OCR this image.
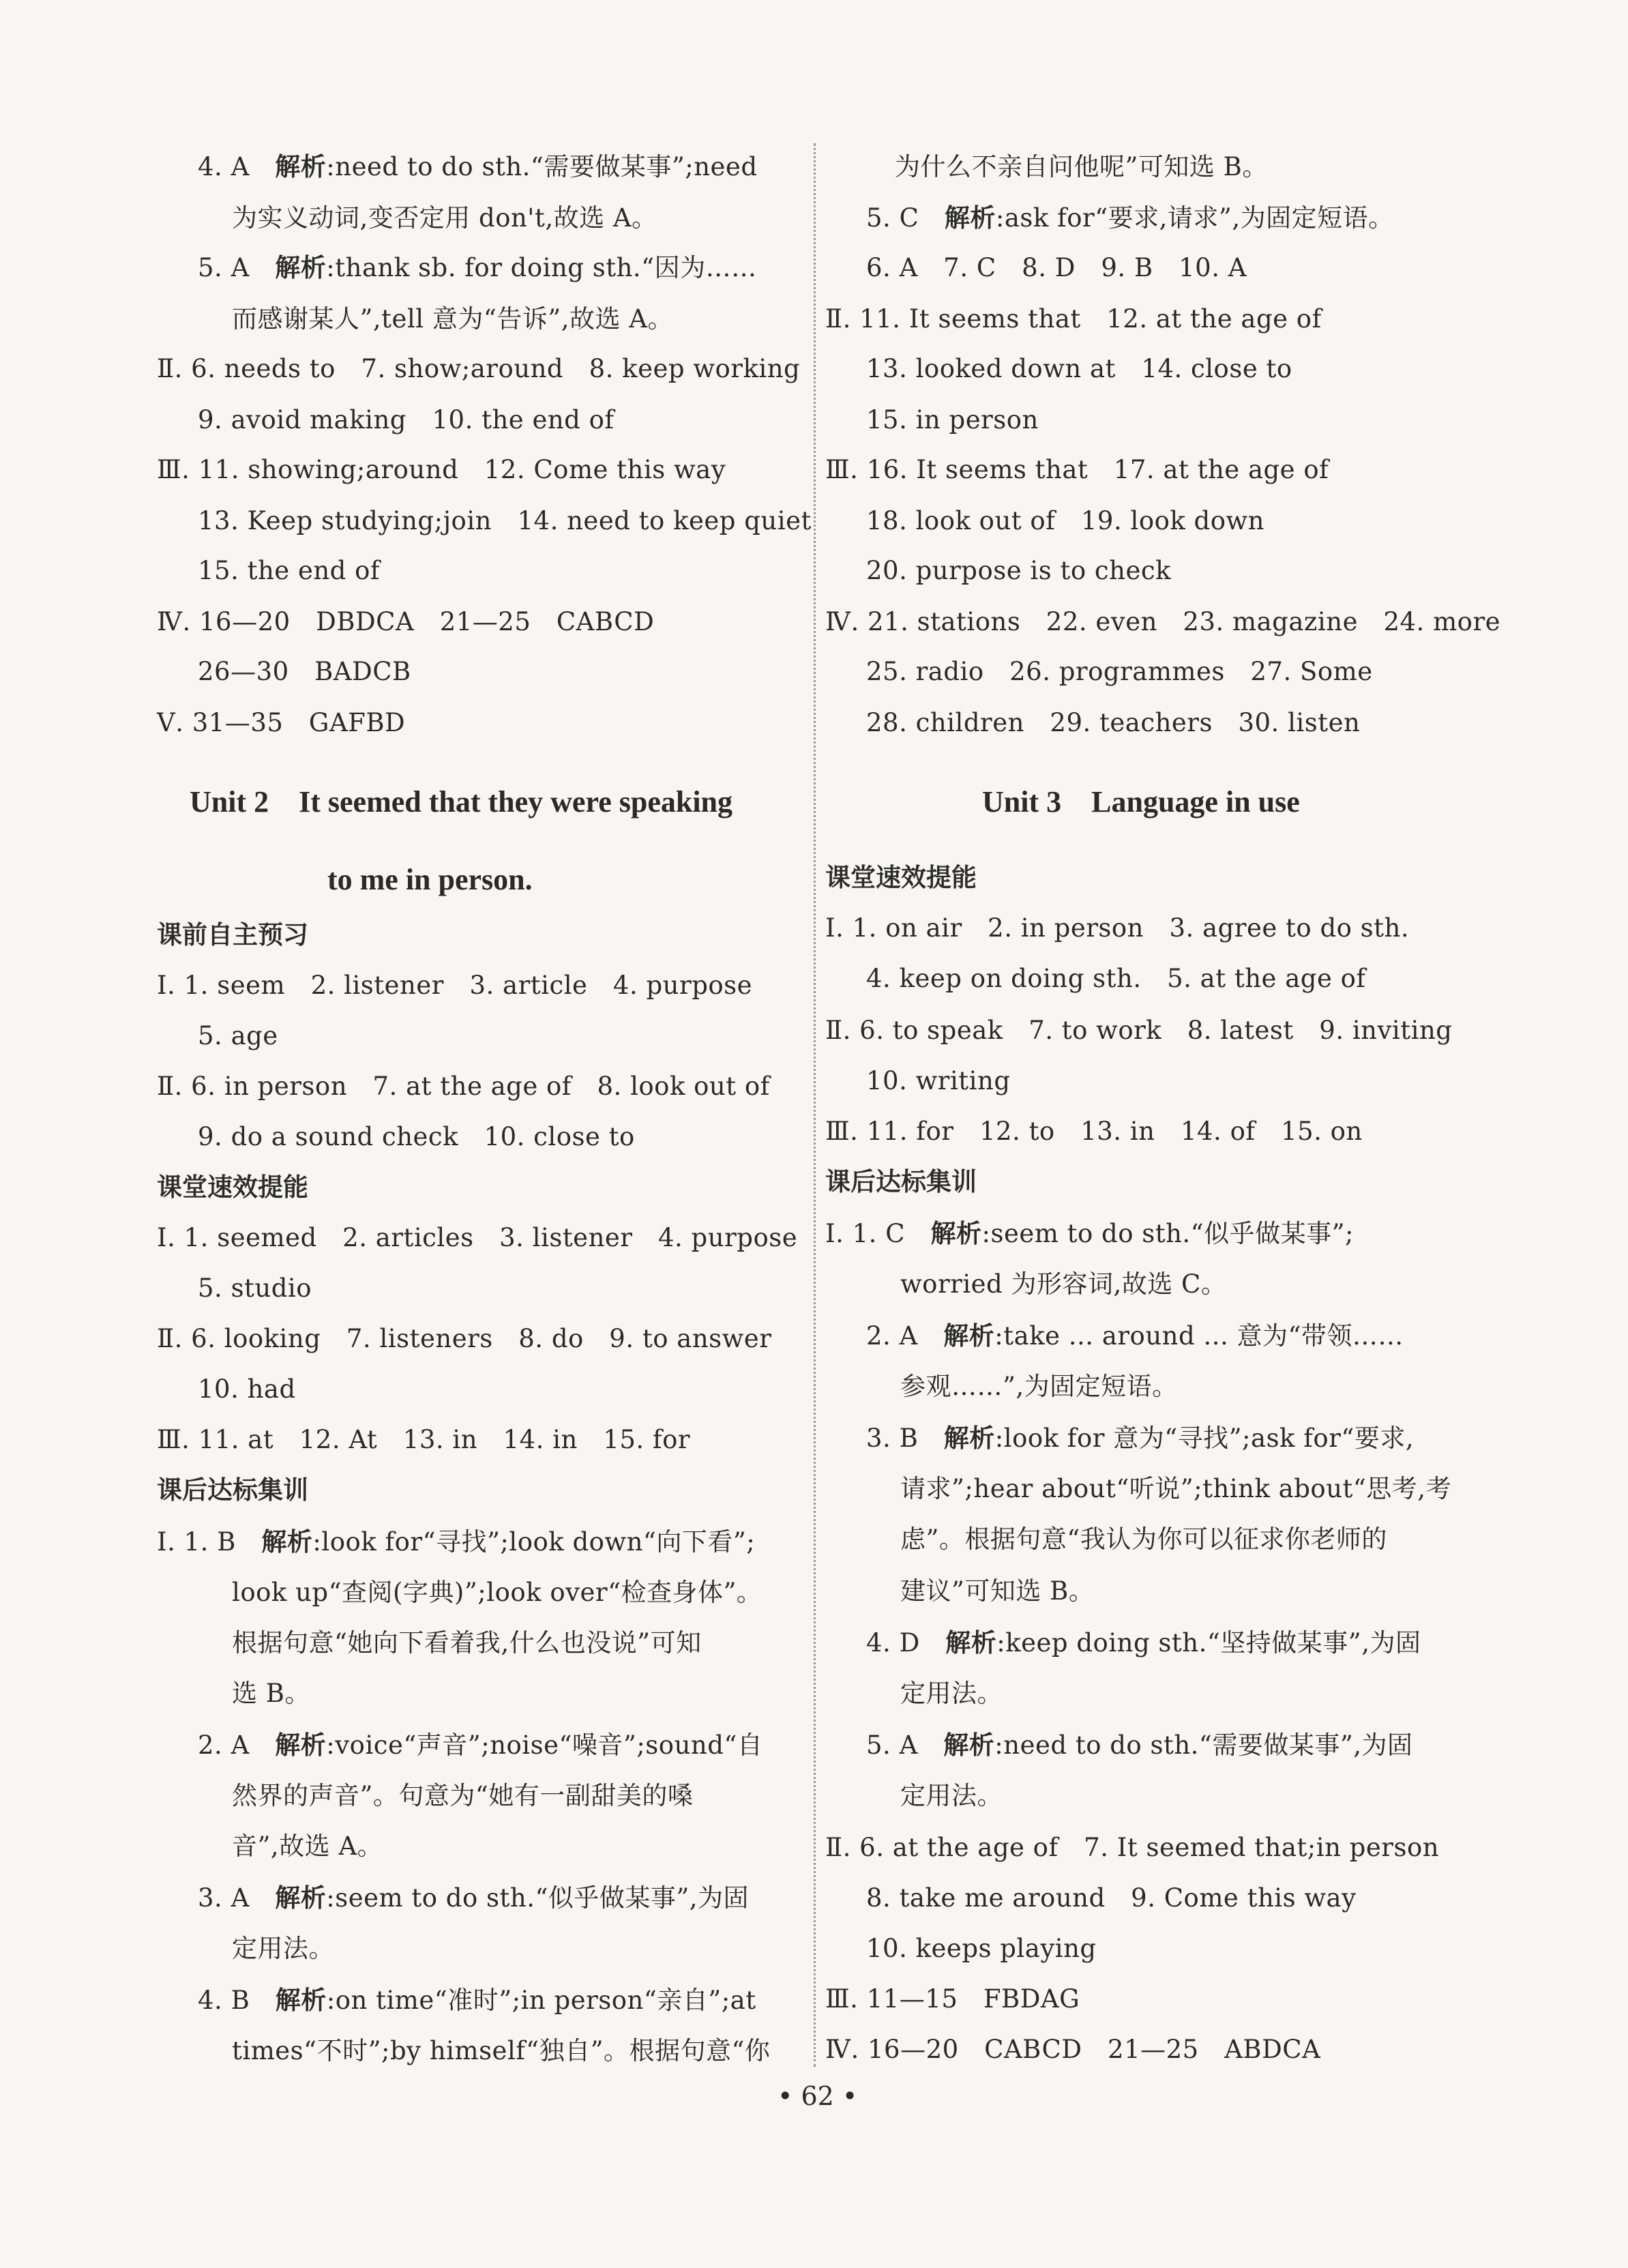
4. A　解析:need to do sth.“需要做某事”;need
为实义动词,变否定用 don't,故选 A。
5. A　解析:thank sb. for doing sth.“因为……
而感谢某人”,tell 意为“告诉”,故选 A。
Ⅱ. 6. needs to　7. show;around　8. keep working
9. avoid making　10. the end of
Ⅲ. 11. showing;around　12. Come this way
13. Keep studying;join　14. need to keep quiet
15. the end of
Ⅳ. 16—20　DBDCA　21—25　CABCD
26—30　BADCB
Ⅴ. 31—35　GAFBD
Unit 2　It seemed that they were speaking
to me in person.
课前自主预习
Ⅰ. 1. seem　2. listener　3. article　4. purpose
5. age
Ⅱ. 6. in person　7. at the age of　8. look out of
9. do a sound check　10. close to
课堂速效提能
Ⅰ. 1. seemed　2. articles　3. listener　4. purpose
5. studio
Ⅱ. 6. looking　7. listeners　8. do　9. to answer
10. had
Ⅲ. 11. at　12. At　13. in　14. in　15. for
课后达标集训
Ⅰ. 1. B　解析:look for“寻找”;look down“向下看”;
look up“查阅(字典)”;look over“检查身体”。
根据句意“她向下看着我,什么也没说”可知
选 B。
2. A　解析:voice“声音”;noise“噪音”;sound“自
然界的声音”。句意为“她有一副甜美的嗓
音”,故选 A。
3. A　解析:seem to do sth.“似乎做某事”,为固
定用法。
4. B　解析:on time“准时”;in person“亲自”;at
times“不时”;by himself“独自”。根据句意“你
为什么不亲自问他呢”可知选 B。
5. C　解析:ask for“要求,请求”,为固定短语。
6. A　7. C　8. D　9. B　10. A
Ⅱ. 11. It seems that　12. at the age of
13. looked down at　14. close to
15. in person
Ⅲ. 16. It seems that　17. at the age of
18. look out of　19. look down
20. purpose is to check
Ⅳ. 21. stations　22. even　23. magazine　24. more
25. radio　26. programmes　27. Some
28. children　29. teachers　30. listen
Unit 3　Language in use
课堂速效提能
Ⅰ. 1. on air　2. in person　3. agree to do sth.
4. keep on doing sth.　5. at the age of
Ⅱ. 6. to speak　7. to work　8. latest　9. inviting
10. writing
Ⅲ. 11. for　12. to　13. in　14. of　15. on
课后达标集训
Ⅰ. 1. C　解析:seem to do sth.“似乎做某事”;
worried 为形容词,故选 C。
2. A　解析:take ... around ... 意为“带领……
参观……”,为固定短语。
3. B　解析:look for 意为“寻找”;ask for“要求,
请求”;hear about“听说”;think about“思考,考
虑”。根据句意“我认为你可以征求你老师的
建议”可知选 B。
4. D　解析:keep doing sth.“坚持做某事”,为固
定用法。
5. A　解析:need to do sth.“需要做某事”,为固
定用法。
Ⅱ. 6. at the age of　7. It seemed that;in person
8. take me around　9. Come this way
10. keeps playing
Ⅲ. 11—15　FBDAG
Ⅳ. 16—20　CABCD　21—25　ABDCA
• 62 •
